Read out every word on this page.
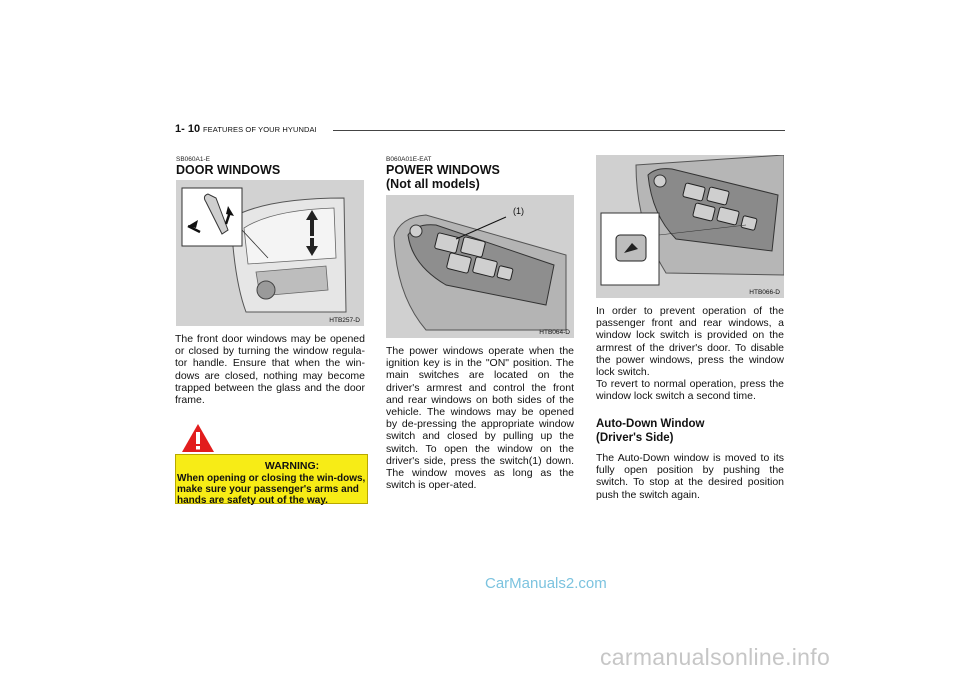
1- 10 FEATURES OF YOUR HYUNDAI
SB060A1-E
DOOR WINDOWS
HTB257-D
The front door windows may be opened or closed by turning the window regula-tor handle. Ensure that when the win-dows are closed, nothing may become trapped between the glass and the door frame.
WARNING:
When opening or closing the win-dows, make sure your passenger's arms and hands are safety out of the way.
B060A01E-EAT
POWER WINDOWS
(Not all models)
(1)
HTB064-D
The power windows operate when the ignition key is in the "ON" position. The main switches are located on the driver's armrest and control the front and rear windows on both sides of the vehicle. The windows may be opened by de-pressing the appropriate window switch and closed by pulling up the switch. To open the window on the driver's side, press the switch(1) down. The window moves as long as the switch is oper-ated.
HTB066-D
In order to prevent operation of the passenger front and rear windows, a window lock switch is provided on the armrest of the driver's door. To disable the power windows, press the window lock switch.
To revert to normal operation, press the window lock switch a second time.
Auto-Down Window
(Driver's Side)
The Auto-Down window is moved to its fully open position by pushing the switch. To stop at the desired position push the switch again.
CarManuals2.com
carmanualsonline.info
